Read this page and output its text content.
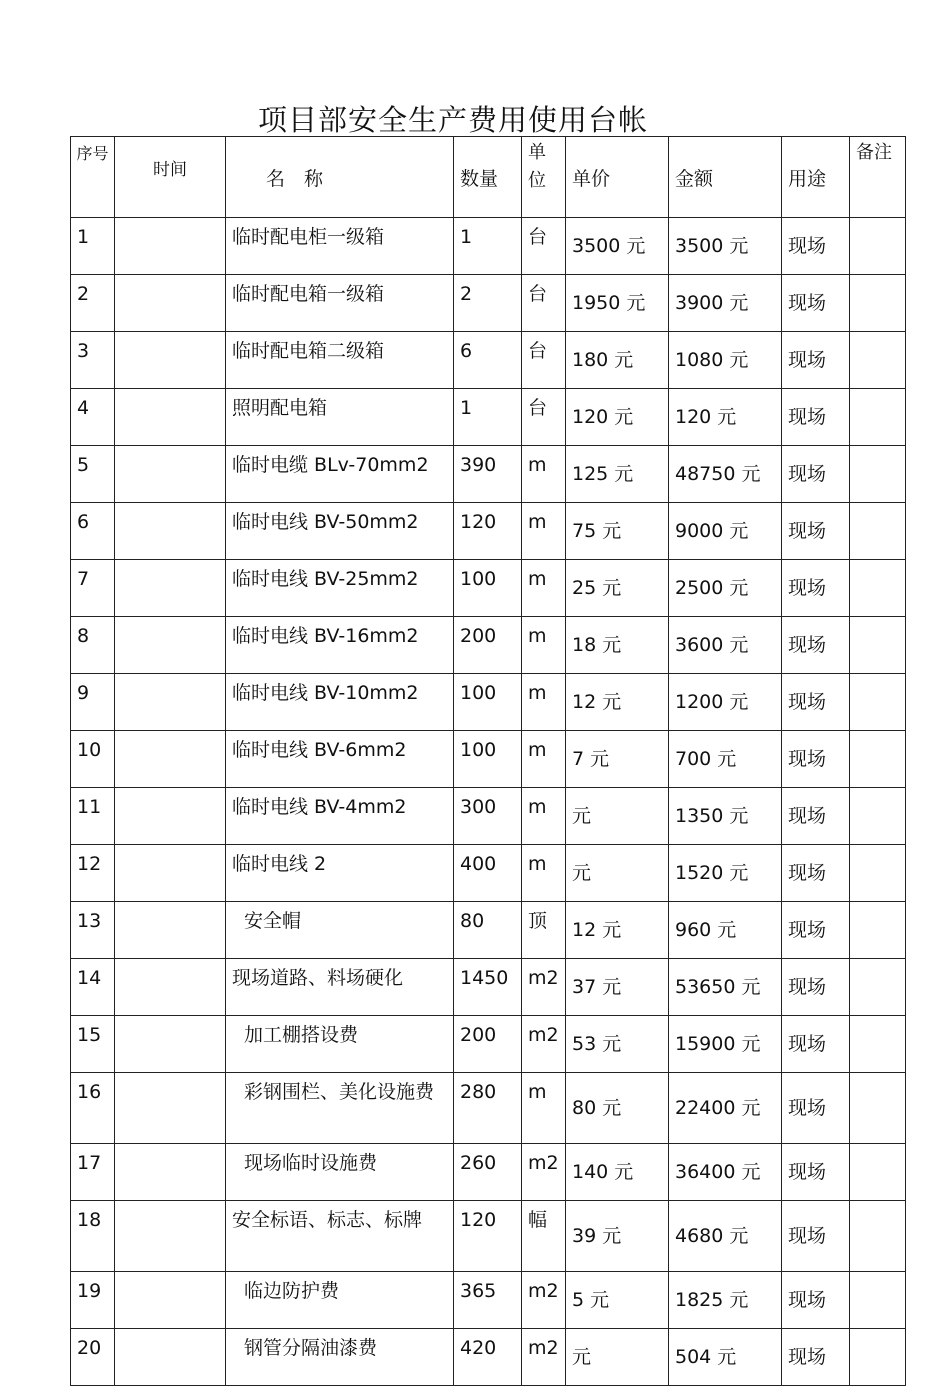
项目部安全生产费用使用台帐
序号	时间	名　称	数量	单位	单价	金额	用途	备注
1		临时配电柜一级箱	1	台	3500 元	3500 元	现场	
2		临时配电箱一级箱	2	台	1950 元	3900 元	现场	
3		临时配电箱二级箱	6	台	180 元	1080 元	现场	
4		照明配电箱	1	台	120 元	120 元	现场	
5		临时电缆 BLv-70mm2	390	m	125 元	48750 元	现场	
6		临时电线 BV-50mm2	120	m	75 元	9000 元	现场	
7		临时电线 BV-25mm2	100	m	25 元	2500 元	现场	
8		临时电线 BV-16mm2	200	m	18 元	3600 元	现场	
9		临时电线 BV-10mm2	100	m	12 元	1200 元	现场	
10		临时电线 BV-6mm2	100	m	7 元	700 元	现场	
11		临时电线 BV-4mm2	300	m	元	1350 元	现场	
12		临时电线 2	400	m	元	1520 元	现场	
13		安全帽	80	顶	12 元	960 元	现场	
14		现场道路、料场硬化	1450	m2	37 元	53650 元	现场	
15		加工棚搭设费	200	m2	53 元	15900 元	现场	
16		彩钢围栏、美化设施费	280	m	80 元	22400 元	现场	
17		现场临时设施费	260	m2	140 元	36400 元	现场	
18		安全标语、标志、标牌	120	幅	39 元	4680 元	现场	
19		临边防护费	365	m2	5 元	1825 元	现场	
20		钢管分隔油漆费	420	m2	元	504 元	现场	
